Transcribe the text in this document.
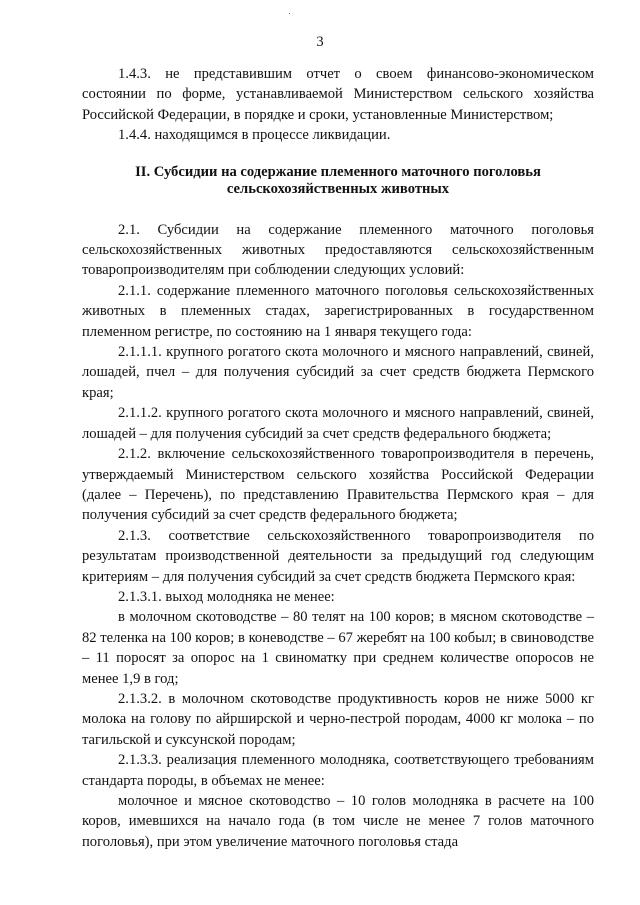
3

1.4.3. не представившим отчет о своем финансово-экономическом состоянии по форме, устанавливаемой Министерством сельского хозяйства Российской Федерации, в порядке и сроки, установленные Министерством;

1.4.4. находящимся в процессе ликвидации.

II. Субсидии на содержание племенного маточного поголовья
сельскохозяйственных животных

2.1. Субсидии на содержание племенного маточного поголовья сельскохозяйственных животных предоставляются сельскохозяйственным товаропроизводителям при соблюдении следующих условий:

2.1.1. содержание племенного маточного поголовья сельскохозяйственных животных в племенных стадах, зарегистрированных в государственном племенном регистре, по состоянию на 1 января текущего года:

2.1.1.1. крупного рогатого скота молочного и мясного направлений, свиней, лошадей, пчел – для получения субсидий за счет средств бюджета Пермского края;

2.1.1.2. крупного рогатого скота молочного и мясного направлений, свиней, лошадей – для получения субсидий за счет средств федерального бюджета;

2.1.2. включение сельскохозяйственного товаропроизводителя в перечень, утверждаемый Министерством сельского хозяйства Российской Федерации (далее – Перечень), по представлению Правительства Пермского края – для получения субсидий за счет средств федерального бюджета;

2.1.3. соответствие сельскохозяйственного товаропроизводителя по результатам производственной деятельности за предыдущий год следующим критериям – для получения субсидий за счет средств бюджета Пермского края:

2.1.3.1. выход молодняка не менее:

в молочном скотоводстве – 80 телят на 100 коров; в мясном скотоводстве – 82 теленка на 100 коров; в коневодстве – 67 жеребят на 100 кобыл; в свиноводстве – 11 поросят за опорос на 1 свиноматку при среднем количестве опоросов не менее 1,9 в год;

2.1.3.2. в молочном скотоводстве продуктивность коров не ниже 5000 кг молока на голову по айрширской и черно-пестрой породам, 4000 кг молока – по тагильской и суксунской породам;

2.1.3.3. реализация племенного молодняка, соответствующего требованиям стандарта породы, в объемах не менее:

молочное и мясное скотоводство – 10 голов молодняка в расчете на 100 коров, имевшихся на начало года (в том числе не менее 7 голов маточного поголовья), при этом увеличение маточного поголовья стада
